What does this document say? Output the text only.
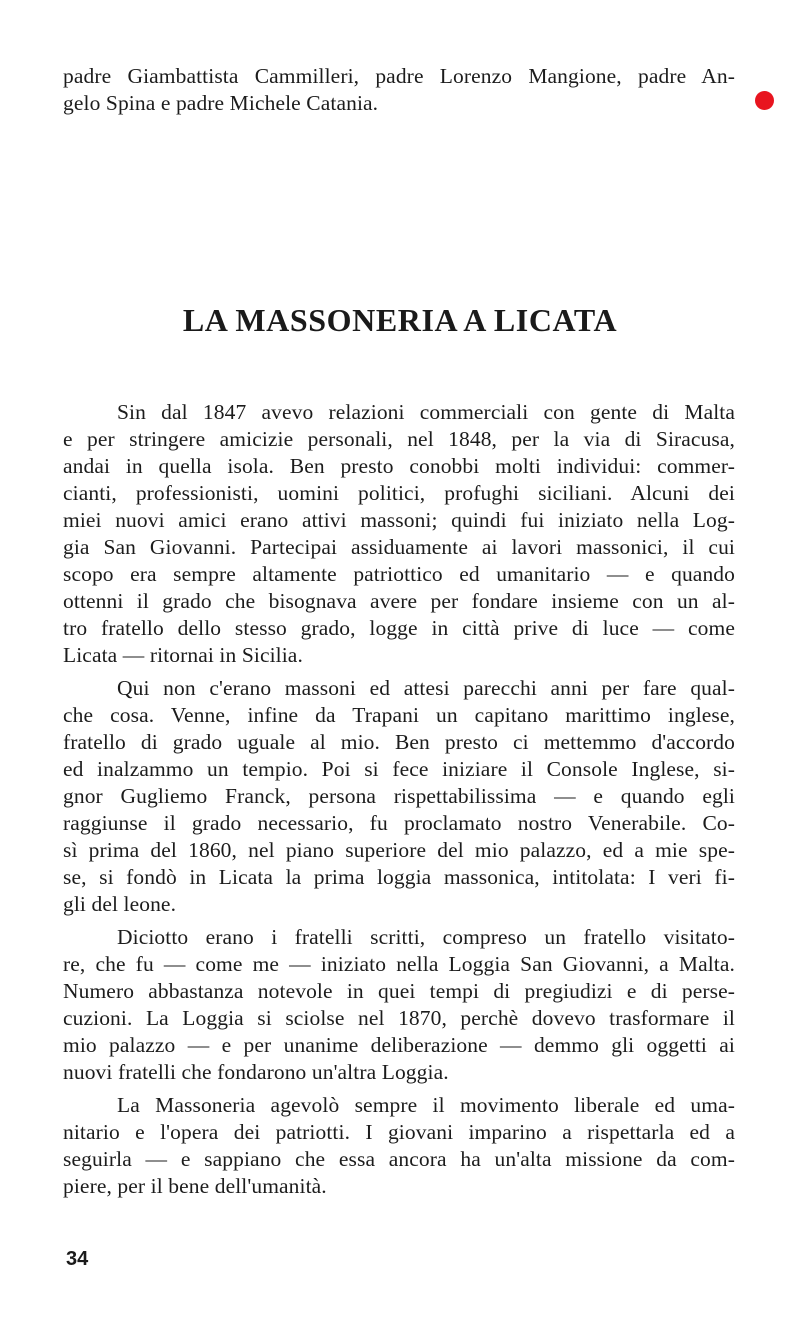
padre Giambattista Cammilleri, padre Lorenzo Mangione, padre An-
gelo Spina e padre Michele Catania.
LA MASSONERIA A LICATA
Sin dal 1847 avevo relazioni commerciali con gente di Malta
e per stringere amicizie personali, nel 1848, per la via di Siracusa,
andai in quella isola. Ben presto conobbi molti individui: commer-
cianti, professionisti, uomini politici, profughi siciliani. Alcuni dei
miei nuovi amici erano attivi massoni; quindi fui iniziato nella Log-
gia San Giovanni. Partecipai assiduamente ai lavori massonici, il cui
scopo era sempre altamente patriottico ed umanitario — e quando
ottenni il grado che bisognava avere per fondare insieme con un al-
tro fratello dello stesso grado, logge in città prive di luce — come
Licata — ritornai in Sicilia.
Qui non c'erano massoni ed attesi parecchi anni per fare qual-
che cosa. Venne, infine da Trapani un capitano marittimo inglese,
fratello di grado uguale al mio. Ben presto ci mettemmo d'accordo
ed inalzammo un tempio. Poi si fece iniziare il Console Inglese, si-
gnor Gugliemo Franck, persona rispettabilissima — e quando egli
raggiunse il grado necessario, fu proclamato nostro Venerabile. Co-
sì prima del 1860, nel piano superiore del mio palazzo, ed a mie spe-
se, si fondò in Licata la prima loggia massonica, intitolata: I veri fi-
gli del leone.
Diciotto erano i fratelli scritti, compreso un fratello visitato-
re, che fu — come me — iniziato nella Loggia San Giovanni, a Malta.
Numero abbastanza notevole in quei tempi di pregiudizi e di perse-
cuzioni. La Loggia si sciolse nel 1870, perchè dovevo trasformare il
mio palazzo — e per unanime deliberazione — demmo gli oggetti ai
nuovi fratelli che fondarono un'altra Loggia.
La Massoneria agevolò sempre il movimento liberale ed uma-
nitario e l'opera dei patriotti. I giovani imparino a rispettarla ed a
seguirla — e sappiano che essa ancora ha un'alta missione da com-
piere, per il bene dell'umanità.
34
